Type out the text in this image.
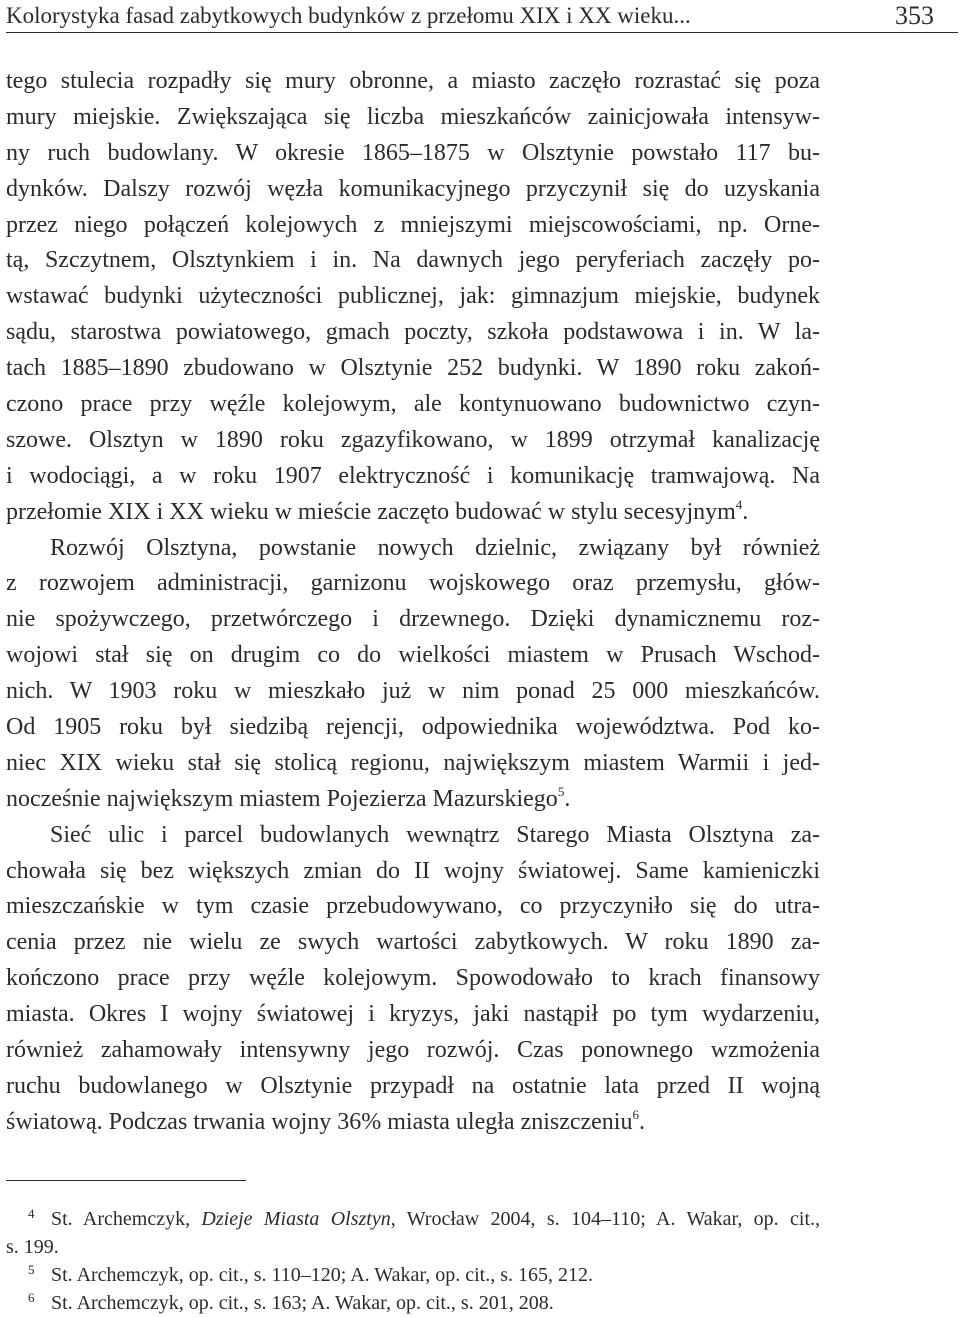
Kolorystyka fasad zabytkowych budynków z przełomu XIX i XX wieku...	353
tego stulecia rozpadły się mury obronne, a miasto zaczęło rozrastać się poza
mury miejskie. Zwiększająca się liczba mieszkańców zainicjowała intensyw-
ny ruch budowlany. W okresie 1865–1875 w Olsztynie powstało 117 bu-
dynków. Dalszy rozwój węzła komunikacyjnego przyczynił się do uzyskania
przez niego połączeń kolejowych z mniejszymi miejscowościami, np. Orne-
tą, Szczytnem, Olsztynkiem i in. Na dawnych jego peryferiach zaczęły po-
wstawać budynki użyteczności publicznej, jak: gimnazjum miejskie, budynek
sądu, starostwa powiatowego, gmach poczty, szkoła podstawowa i in. W la-
tach 1885–1890 zbudowano w Olsztynie 252 budynki. W 1890 roku zakoń-
czono prace przy węźle kolejowym, ale kontynuowano budownictwo czyn-
szowe. Olsztyn w 1890 roku zgazyfikowano, w 1899 otrzymał kanalizację
i wodociągi, a w roku 1907 elektryczność i komunikację tramwajową. Na
przełomie XIX i XX wieku w mieście zaczęto budować w stylu secesyjnym$^4$.
Rozwój Olsztyna, powstanie nowych dzielnic, związany był również
z rozwojem administracji, garnizonu wojskowego oraz przemysłu, głów-
nie spożywczego, przetwórczego i drzewnego. Dzięki dynamicznemu roz-
wojowi stał się on drugim co do wielkości miastem w Prusach Wschod-
nich. W 1903 roku w mieszkało już w nim ponad 25 000 mieszkańców.
Od 1905 roku był siedzibą rejencji, odpowiednika województwa. Pod ko-
niec XIX wieku stał się stolicą regionu, największym miastem Warmii i jed-
nocześnie największym miastem Pojezierza Mazurskiego$^5$.
Sieć ulic i parcel budowlanych wewnątrz Starego Miasta Olsztyna za-
chowała się bez większych zmian do II wojny światowej. Same kamieniczki
mieszczańskie w tym czasie przebudowywano, co przyczyniło się do utra-
cenia przez nie wielu ze swych wartości zabytkowych. W roku 1890 za-
kończono prace przy węźle kolejowym. Spowodowało to krach finansowy
miasta. Okres I wojny światowej i kryzys, jaki nastąpił po tym wydarzeniu,
również zahamowały intensywny jego rozwój. Czas ponownego wzmożenia
ruchu budowlanego w Olsztynie przypadł na ostatnie lata przed II wojną
światową. Podczas trwania wojny 36% miasta uległa zniszczeniu$^6$.
4 St. Archemczyk, Dzieje Miasta Olsztyn, Wrocław 2004, s. 104–110; A. Wakar, op. cit.,
s. 199.
5 St. Archemczyk, op. cit., s. 110–120; A. Wakar, op. cit., s. 165, 212.
6 St. Archemczyk, op. cit., s. 163; A. Wakar, op. cit., s. 201, 208.
